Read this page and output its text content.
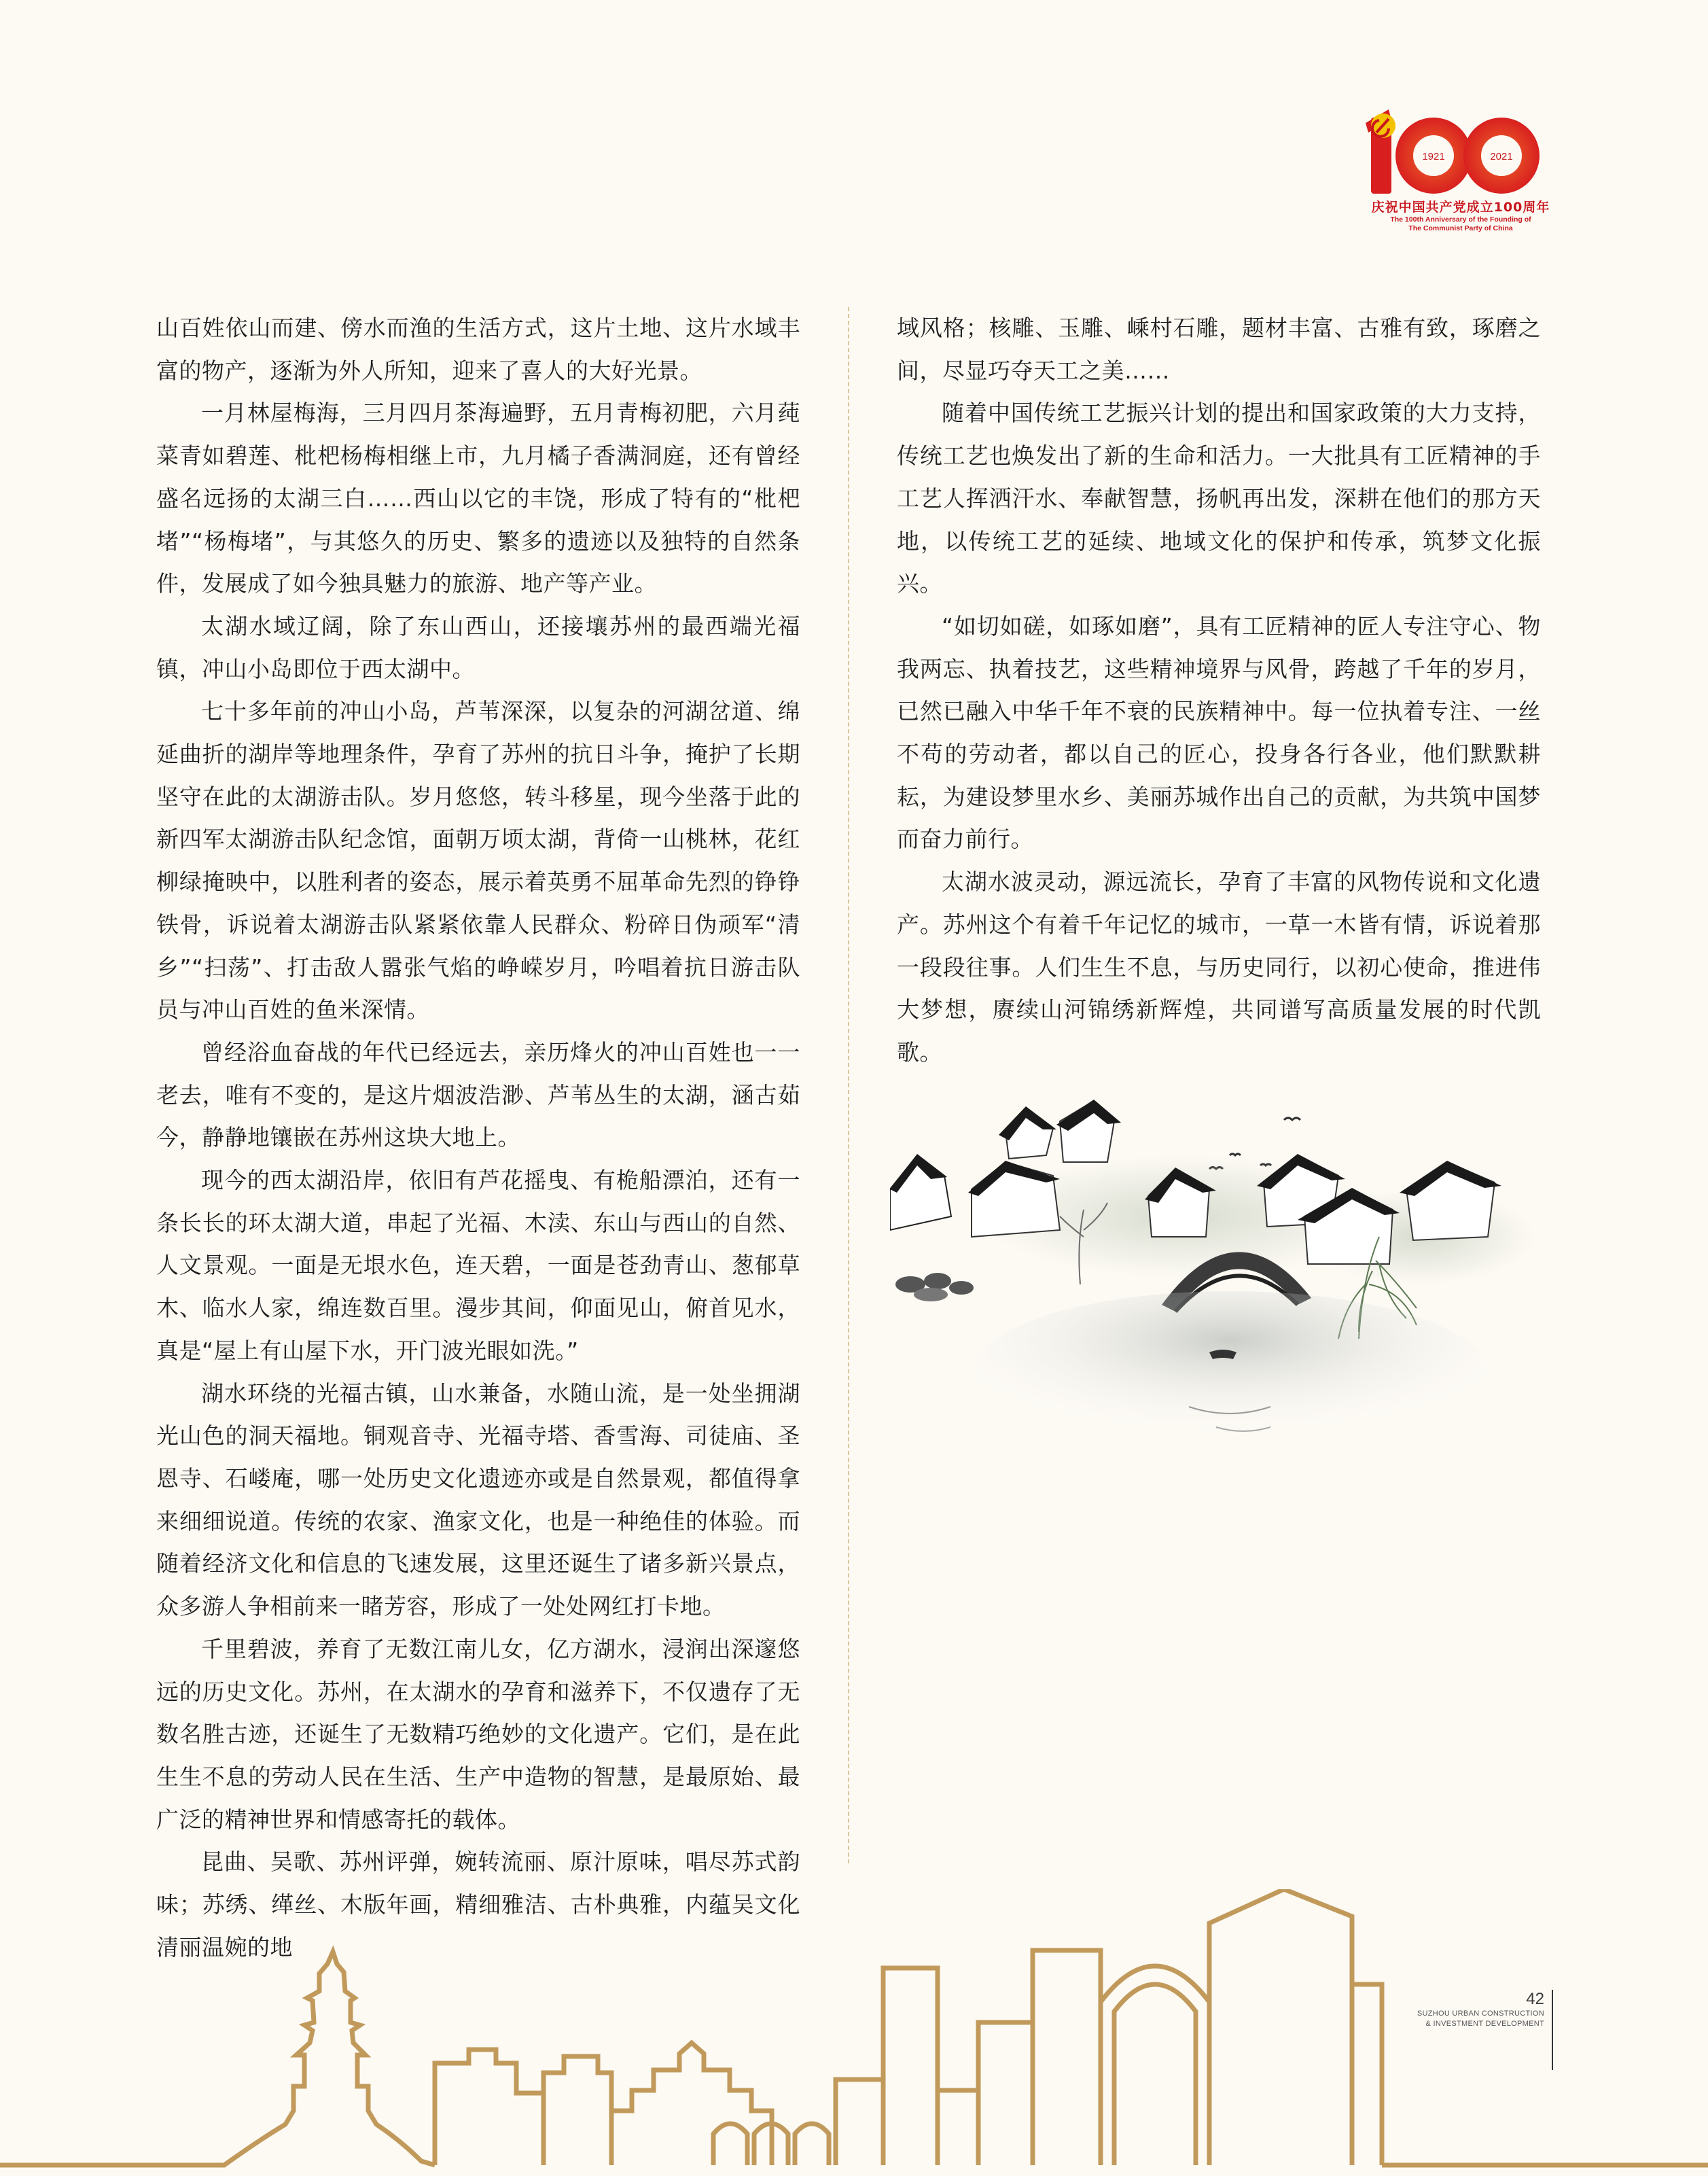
1921	2021
庆祝中国共产党成立100周年
The 100th Anniversary of the Founding of
The Communist Party of China

山百姓依山而建、傍水而渔的生活方式，这片土地、这片水域丰富的物产，逐渐为外人所知，迎来了喜人的大好光景。

一月林屋梅海，三月四月茶海遍野，五月青梅初肥，六月莼菜青如碧莲、枇杷杨梅相继上市，九月橘子香满洞庭，还有曾经盛名远扬的太湖三白……西山以它的丰饶，形成了特有的“枇杷堵”“杨梅堵”，与其悠久的历史、繁多的遗迹以及独特的自然条件，发展成了如今独具魅力的旅游、地产等产业。

太湖水域辽阔，除了东山西山，还接壤苏州的最西端光福镇，冲山小岛即位于西太湖中。

七十多年前的冲山小岛，芦苇深深，以复杂的河湖岔道、绵延曲折的湖岸等地理条件，孕育了苏州的抗日斗争，掩护了长期坚守在此的太湖游击队。岁月悠悠，转斗移星，现今坐落于此的新四军太湖游击队纪念馆，面朝万顷太湖，背倚一山桃林，花红柳绿掩映中，以胜利者的姿态，展示着英勇不屈革命先烈的铮铮铁骨，诉说着太湖游击队紧紧依靠人民群众、粉碎日伪顽军“清乡”“扫荡”、打击敌人嚣张气焰的峥嵘岁月，吟唱着抗日游击队员与冲山百姓的鱼米深情。

曾经浴血奋战的年代已经远去，亲历烽火的冲山百姓也一一老去，唯有不变的，是这片烟波浩渺、芦苇丛生的太湖，涵古茹今，静静地镶嵌在苏州这块大地上。

现今的西太湖沿岸，依旧有芦花摇曳、有桅船漂泊，还有一条长长的环太湖大道，串起了光福、木渎、东山与西山的自然、人文景观。一面是无垠水色，连天碧，一面是苍劲青山、葱郁草木、临水人家，绵连数百里。漫步其间，仰面见山，俯首见水，真是“屋上有山屋下水，开门波光眼如洗。”

湖水环绕的光福古镇，山水兼备，水随山流，是一处坐拥湖光山色的洞天福地。铜观音寺、光福寺塔、香雪海、司徒庙、圣恩寺、石嵝庵，哪一处历史文化遗迹亦或是自然景观，都值得拿来细细说道。传统的农家、渔家文化，也是一种绝佳的体验。而随着经济文化和信息的飞速发展，这里还诞生了诸多新兴景点，众多游人争相前来一睹芳容，形成了一处处网红打卡地。

千里碧波，养育了无数江南儿女，亿方湖水，浸润出深邃悠远的历史文化。苏州，在太湖水的孕育和滋养下，不仅遗存了无数名胜古迹，还诞生了无数精巧绝妙的文化遗产。它们，是在此生生不息的劳动人民在生活、生产中造物的智慧，是最原始、最广泛的精神世界和情感寄托的载体。

昆曲、吴歌、苏州评弹，婉转流丽、原汁原味，唱尽苏式韵味；苏绣、缂丝、木版年画，精细雅洁、古朴典雅，内蕴吴文化清丽温婉的地

域风格；核雕、玉雕、嵊村石雕，题材丰富、古雅有致，琢磨之间，尽显巧夺天工之美……

随着中国传统工艺振兴计划的提出和国家政策的大力支持，传统工艺也焕发出了新的生命和活力。一大批具有工匠精神的手工艺人挥洒汗水、奉献智慧，扬帆再出发，深耕在他们的那方天地，以传统工艺的延续、地域文化的保护和传承，筑梦文化振兴。

“如切如磋，如琢如磨”，具有工匠精神的匠人专注守心、物我两忘、执着技艺，这些精神境界与风骨，跨越了千年的岁月，已然已融入中华千年不衰的民族精神中。每一位执着专注、一丝不苟的劳动者，都以自己的匠心，投身各行各业，他们默默耕耘，为建设梦里水乡、美丽苏城作出自己的贡献，为共筑中国梦而奋力前行。

太湖水波灵动，源远流长，孕育了丰富的风物传说和文化遗产。苏州这个有着千年记忆的城市，一草一木皆有情，诉说着那一段段往事。人们生生不息，与历史同行，以初心使命，推进伟大梦想，赓续山河锦绣新辉煌，共同谱写高质量发展的时代凯歌。

42
SUZHOU URBAN CONSTRUCTION
& INVESTMENT DEVELOPMENT
